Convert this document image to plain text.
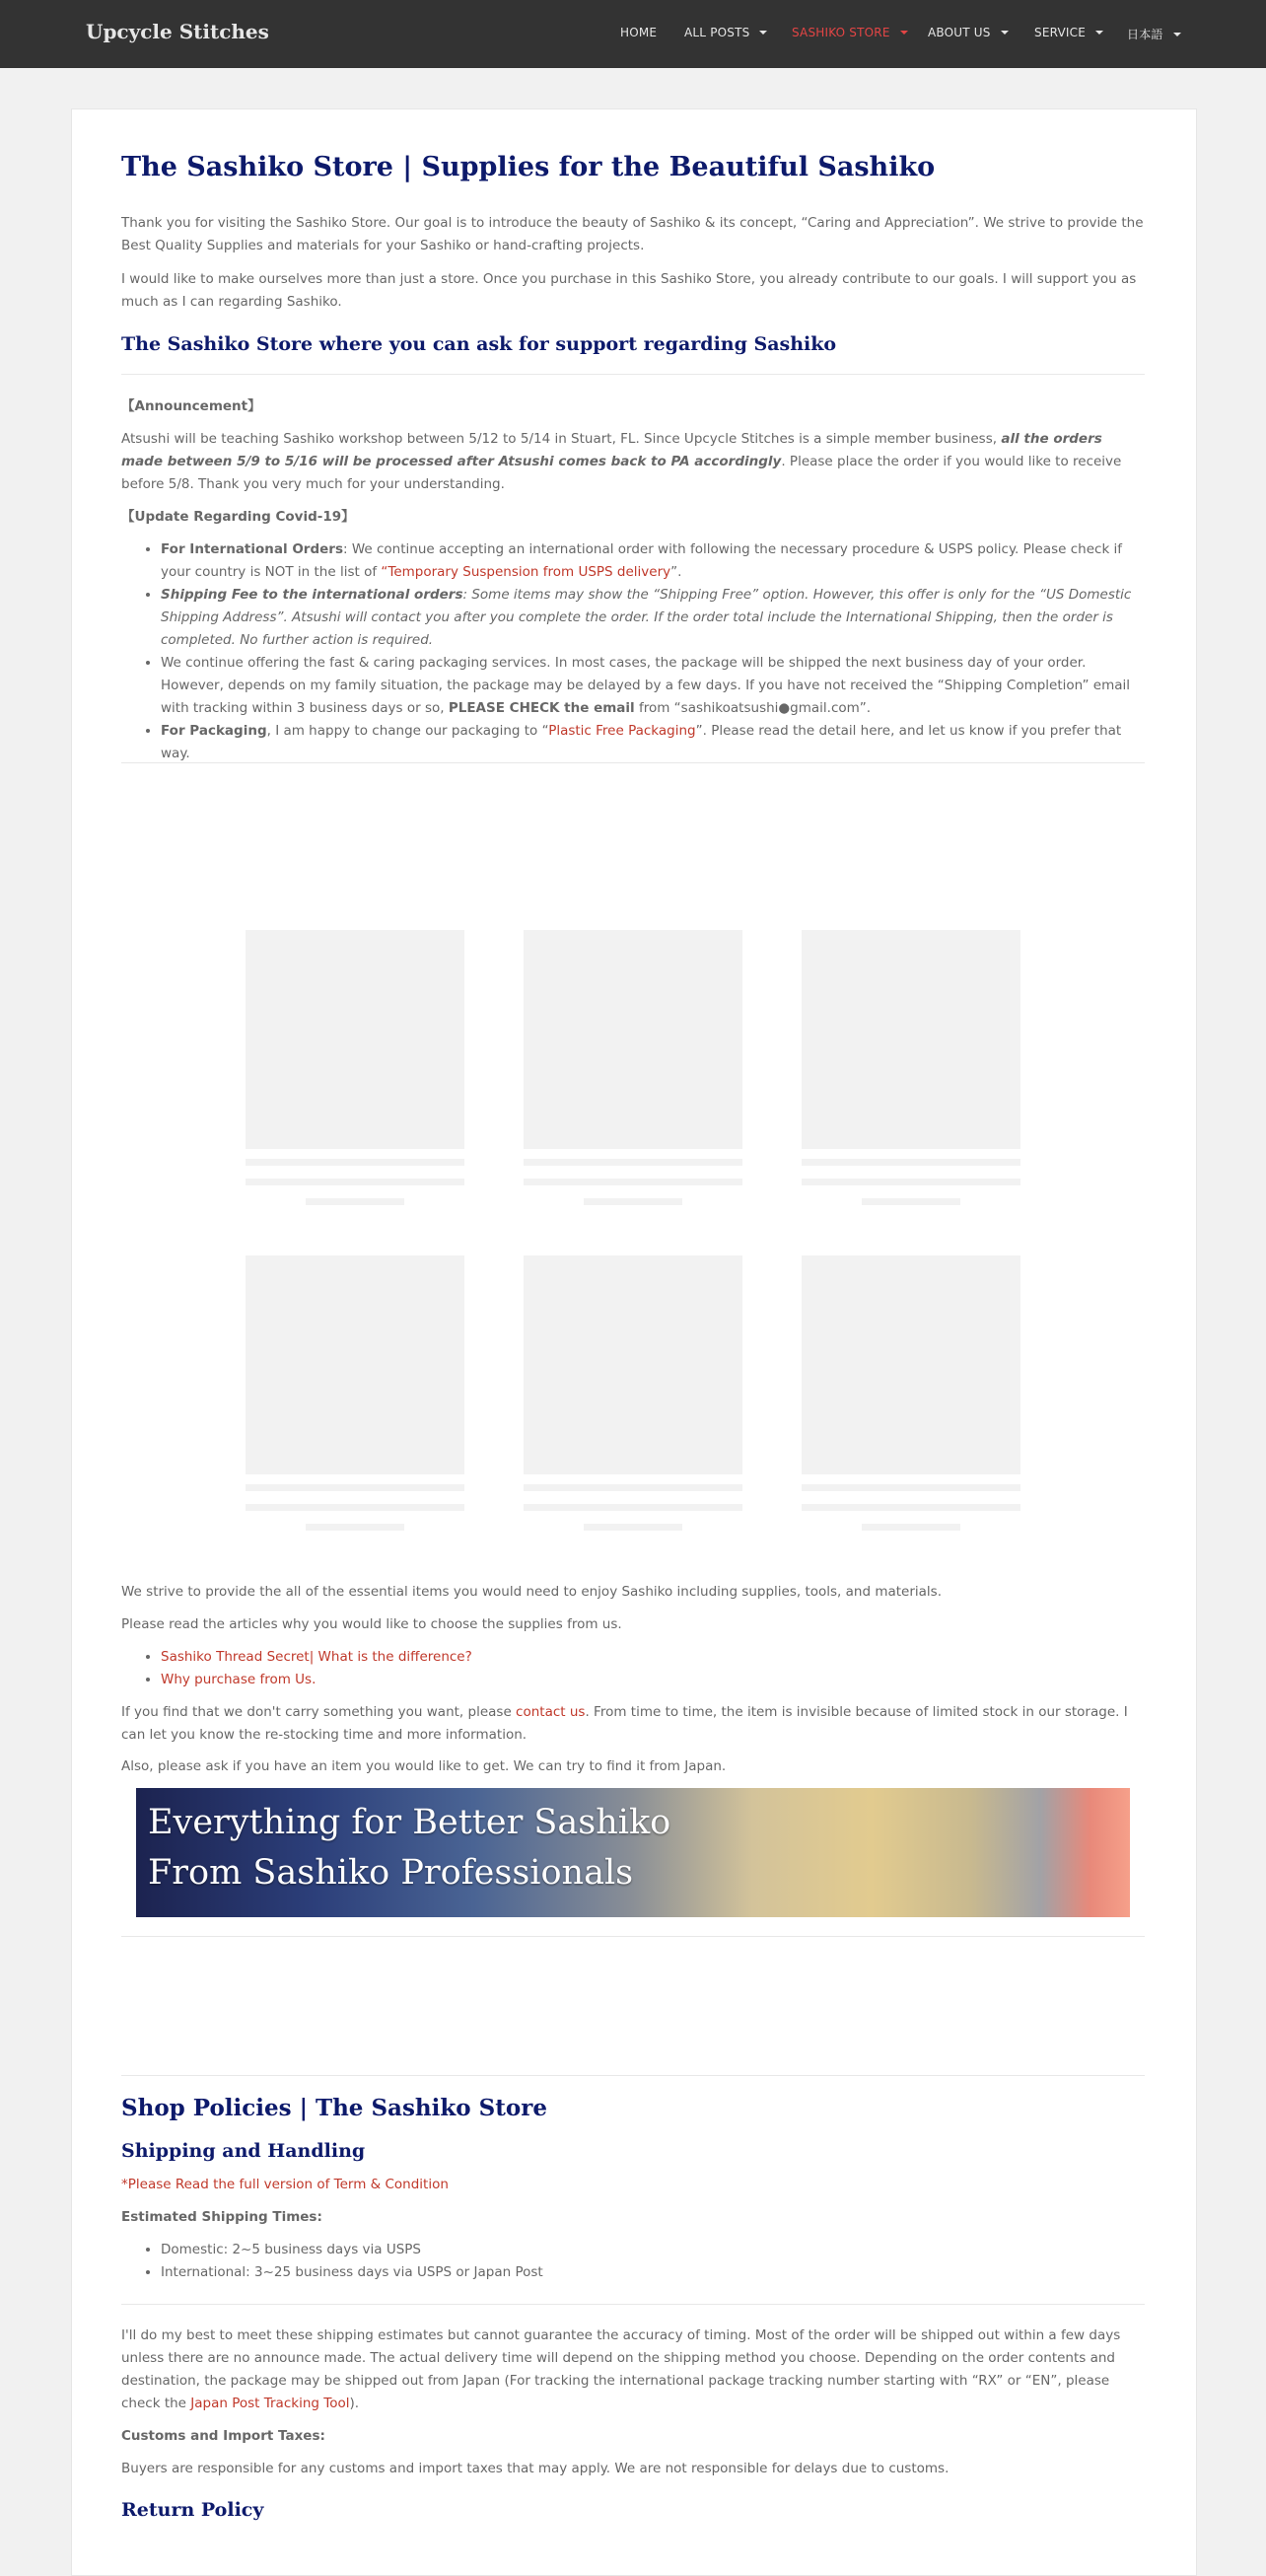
Upcycle Stitches	HOME ALL POSTS	SASHIKO STORE	ABOUT US	SERVICE	日本語
The Sashiko Store | Supplies for the Beautiful Sashiko
Thank you for visiting the Sashiko Store. Our goal is to introduce the beauty of Sashiko & its concept, “Caring and Appreciation”. We strive to provide the Best Quality Supplies and materials for your Sashiko or hand-crafting projects.
I would like to make ourselves more than just a store. Once you purchase in this Sashiko Store, you already contribute to our goals. I will support you as much as I can regarding Sashiko.
The Sashiko Store where you can ask for support regarding Sashiko
【Announcement】
Atsushi will be teaching Sashiko workshop between 5/12 to 5/14 in Stuart, FL. Since Upcycle Stitches is a simple member business, all the orders made between 5/9 to 5/16 will be processed after Atsushi comes back to PA accordingly. Please place the order if you would like to receive before 5/8. Thank you very much for your understanding.
【Update Regarding Covid-19】
• For International Orders: We continue accepting an international order with following the necessary procedure & USPS policy. Please check if your country is NOT in the list of “Temporary Suspension from USPS delivery”.
• Shipping Fee to the international orders: Some items may show the “Shipping Free” option. However, this offer is only for the “US Domestic Shipping Address”. Atsushi will contact you after you complete the order. If the order total include the International Shipping, then the order is completed. No further action is required.
• We continue offering the fast & caring packaging services. In most cases, the package will be shipped the next business day of your order. However, depends on my family situation, the package may be delayed by a few days. If you have not received the “Shipping Completion” email with tracking within 3 business days or so, PLEASE CHECK the email from “sashikoatsushi●gmail.com”.
• For Packaging, I am happy to change our packaging to “Plastic Free Packaging”. Please read the detail here, and let us know if you prefer that way.
We strive to provide the all of the essential items you would need to enjoy Sashiko including supplies, tools, and materials.
Please read the articles why you would like to choose the supplies from us.
• Sashiko Thread Secret| What is the difference?
• Why purchase from Us.
If you find that we don't carry something you want, please contact us. From time to time, the item is invisible because of limited stock in our storage. I can let you know the re-stocking time and more information.
Also, please ask if you have an item you would like to get. We can try to find it from Japan.
Everything for Better Sashiko
From Sashiko Professionals
Shop Policies | The Sashiko Store
Shipping and Handling
*Please Read the full version of Term & Condition
Estimated Shipping Times:
• Domestic: 2~5 business days via USPS
• International: 3~25 business days via USPS or Japan Post
I'll do my best to meet these shipping estimates but cannot guarantee the accuracy of timing. Most of the order will be shipped out within a few days unless there are no announce made. The actual delivery time will depend on the shipping method you choose. Depending on the order contents and destination, the package may be shipped out from Japan (For tracking the international package tracking number starting with “RX” or “EN”, please check the Japan Post Tracking Tool).
Customs and Import Taxes:
Buyers are responsible for any customs and import taxes that may apply. We are not responsible for delays due to customs.
Return Policy
